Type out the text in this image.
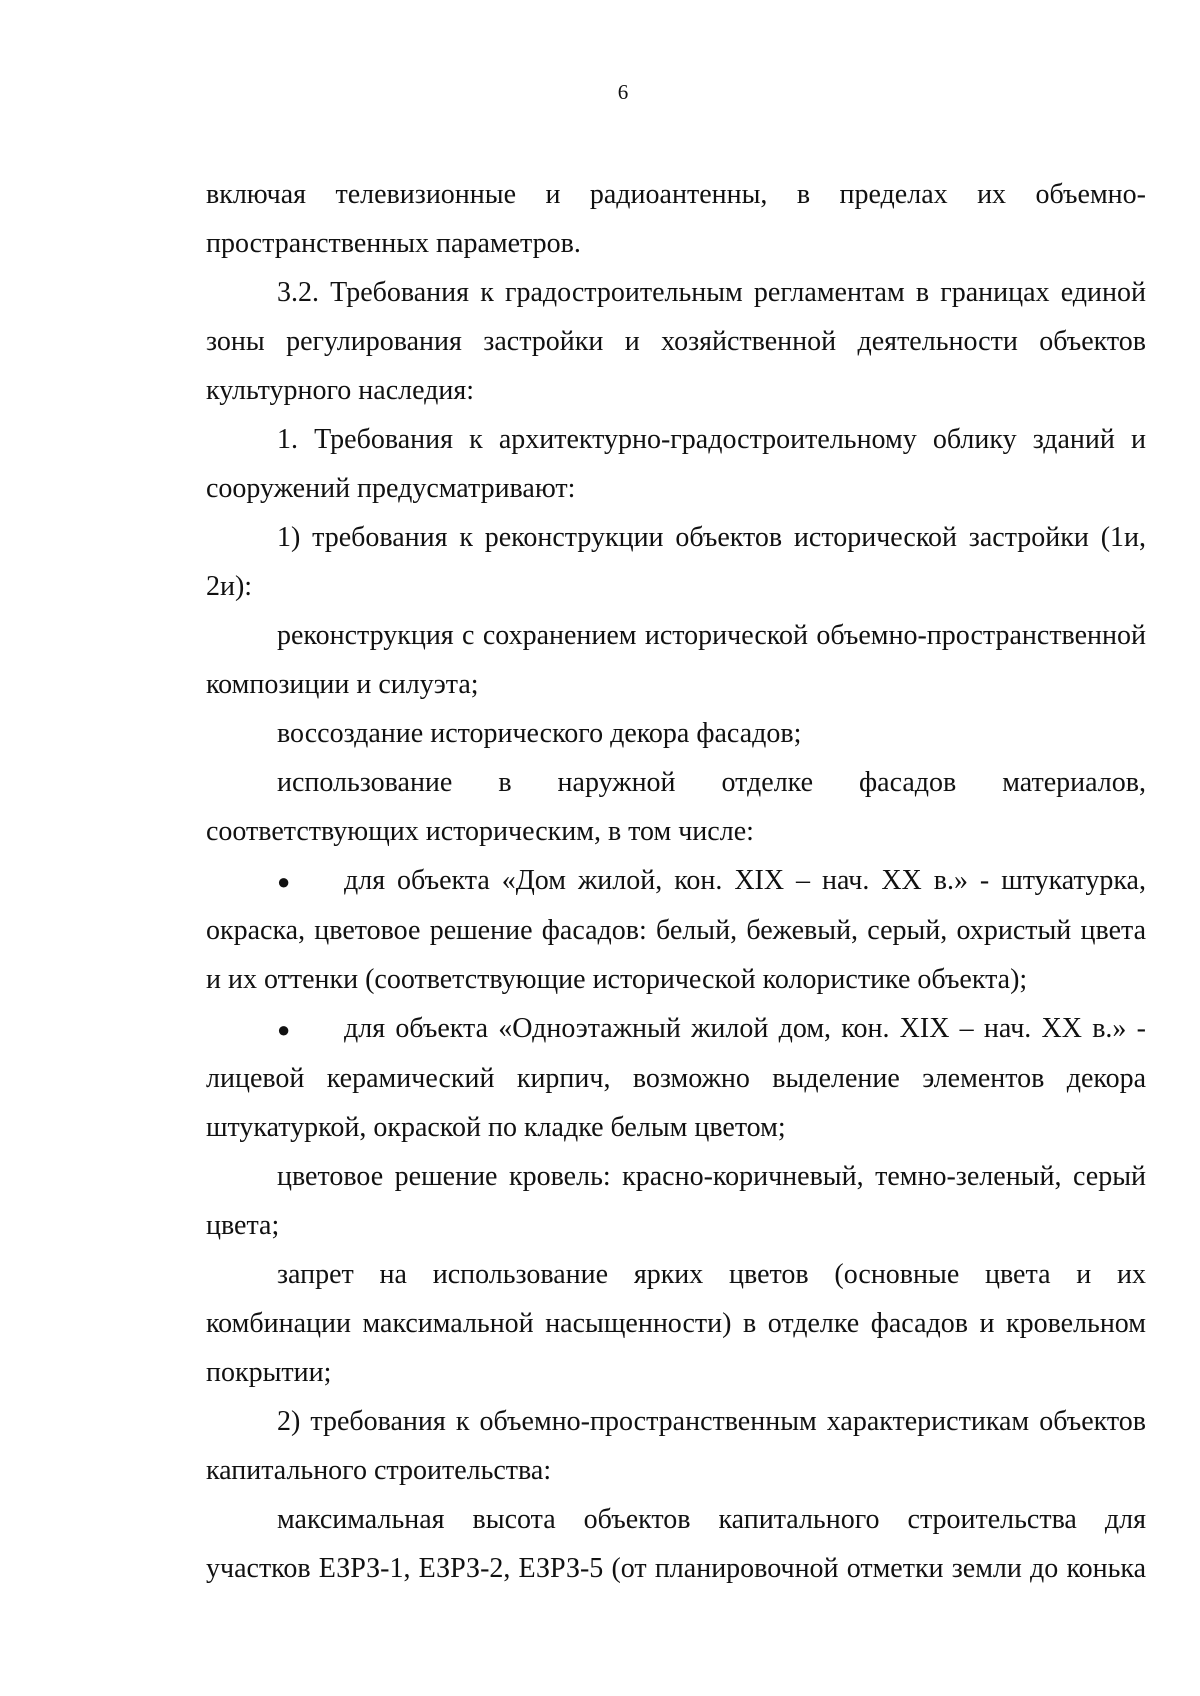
6

включая телевизионные и радиоантенны, в пределах их объемно-пространственных параметров.

3.2. Требования к градостроительным регламентам в границах единой зоны регулирования застройки и хозяйственной деятельности объектов культурного наследия:

1. Требования к архитектурно-градостроительному облику зданий и сооружений предусматривают:

1) требования к реконструкции объектов исторической застройки (1и, 2и):

реконструкция с сохранением исторической объемно-пространственной композиции и силуэта;

воссоздание исторического декора фасадов;

использование в наружной отделке фасадов материалов, соответствующих историческим, в том числе:

●	для объекта «Дом жилой, кон. XIX – нач. XX в.» - штукатурка,

окраска, цветовое решение фасадов: белый, бежевый, серый, охристый цвета и их оттенки (соответствующие исторической колористике объекта);

●	для объекта «Одноэтажный жилой дом, кон. XIX – нач. XX в.» -

лицевой керамический кирпич, возможно выделение элементов декора штукатуркой, окраской по кладке белым цветом;

цветовое решение кровель: красно-коричневый, темно-зеленый, серый цвета;

запрет на использование ярких цветов (основные цвета и их комбинации максимальной насыщенности) в отделке фасадов и кровельном покрытии;

2) требования к объемно-пространственным характеристикам объектов капитального строительства:

максимальная высота объектов капитального строительства для участков ЕЗРЗ-1, ЕЗРЗ-2, ЕЗРЗ-5 (от планировочной отметки земли до конька
